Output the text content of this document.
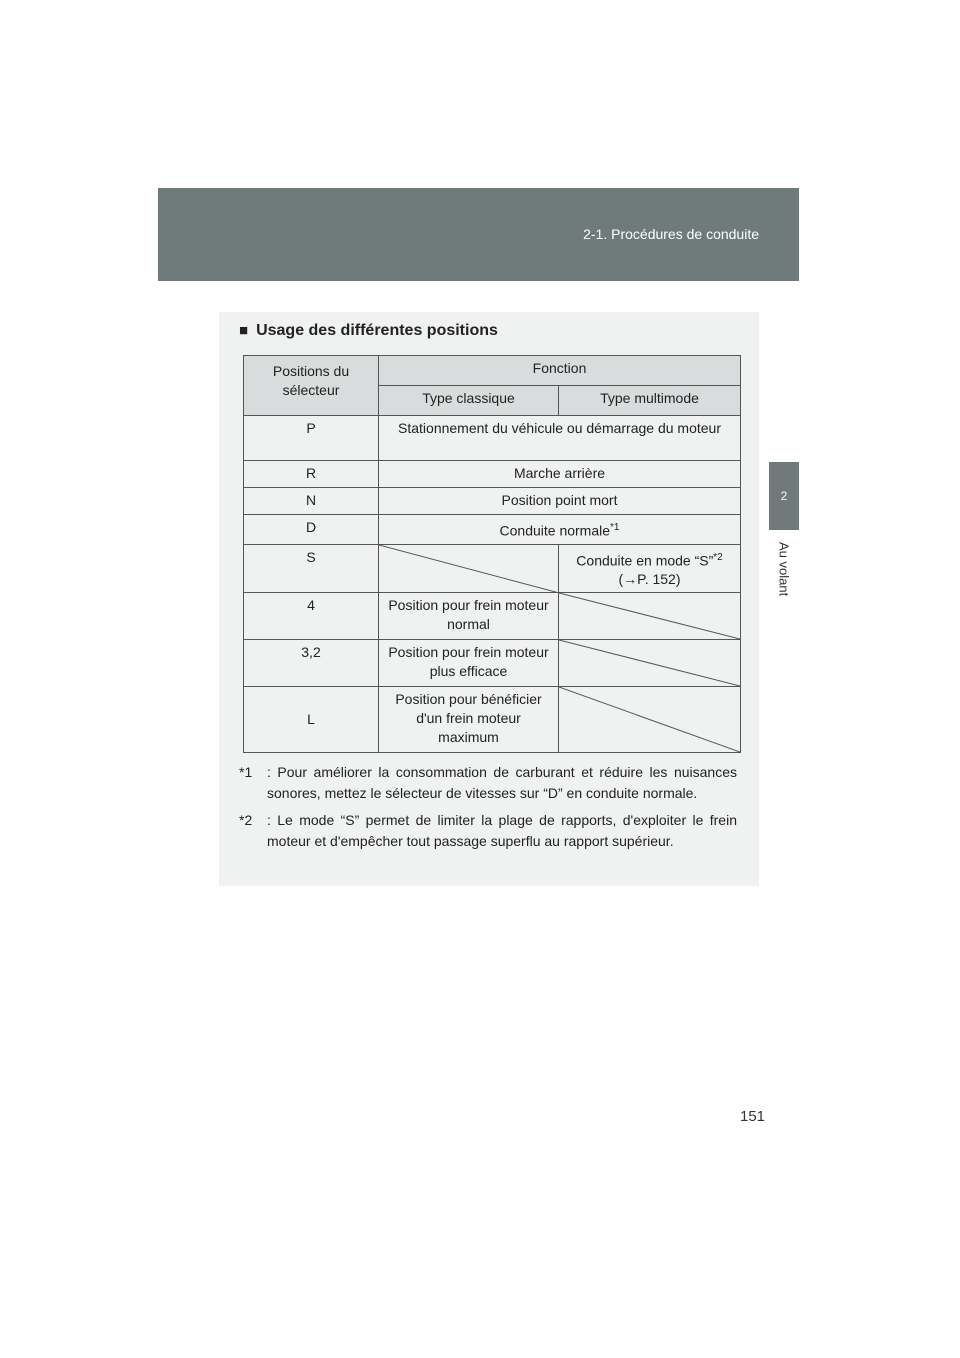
2-1. Procédures de conduite
2
Au volant
■ Usage des différentes positions
Positions du sélecteur	Fonction	
	Type classique	Type multimode
P	Stationnement du véhicule ou démarrage du moteur	
R	Marche arrière	
N	Position point mort	
D	Conduite normale$^{*1}$
S		Conduite en mode “S”$^{*2}$
(→P. 152)
4	Position pour frein moteur normal	

3,2	Position pour frein moteur plus efficace	

L	Position pour bénéficier d'un frein moteur maximum	
*1 : Pour améliorer la consommation de carburant et réduire les nuisances sonores, mettez le sélecteur de vitesses sur “D” en conduite normale.
*2 : Le mode “S” permet de limiter la plage de rapports, d'exploiter le frein moteur et d'empêcher tout passage superflu au rapport supérieur.
151
